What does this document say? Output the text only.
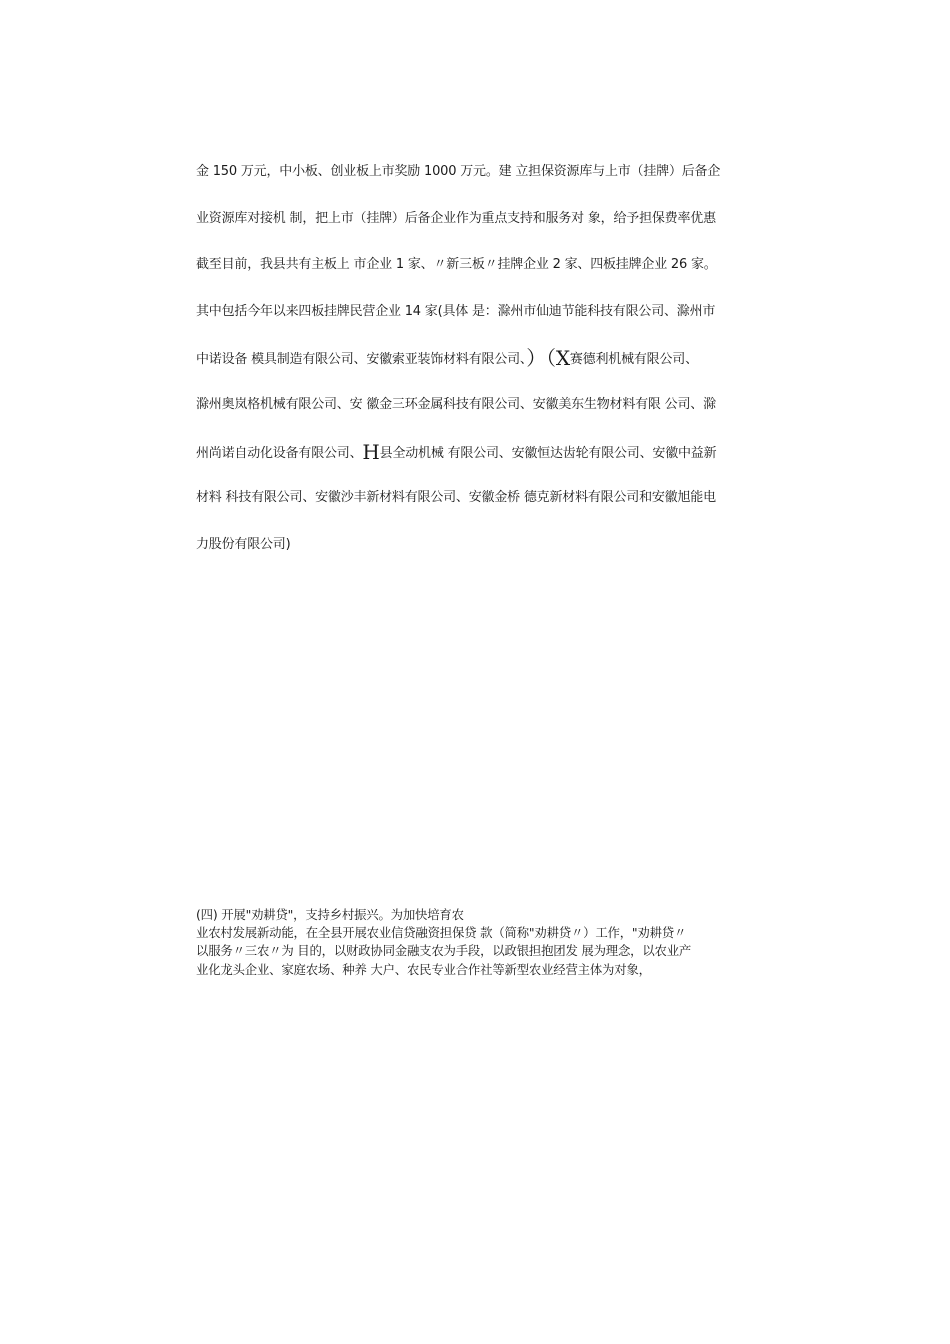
金 150 万元，中小板、创业板上市奖励 1000 万元。建 立担保资源库与上市（挂牌）后备企
业资源库对接机 制，把上市（挂牌）后备企业作为重点支持和服务对 象，给予担保费率优惠
截至目前，我县共有主板上 市企业 1 家、〃新三板〃挂牌企业 2 家、四板挂牌企业 26 家。
其中包括今年以来四板挂牌民营企业 14 家(具体 是：滁州市仙迪节能科技有限公司、滁州市
中诺设备 模具制造有限公司、安徽索亚装饰材料有限公司、）（X赛德利机械有限公司、
滁州奥岚格机械有限公司、安 徽金三环金属科技有限公司、安徽美东生物材料有限 公司、滁
州尚诺自动化设备有限公司、H县全动机械 有限公司、安徽恒达齿轮有限公司、安徽中益新
材料 科技有限公司、安徽沙丰新材料有限公司、安徽金桥 德克新材料有限公司和安徽旭能电
力股份有限公司)
(四) 开展"劝耕贷"，支持乡村振兴。为加快培育农
业农村发展新动能，在全县开展农业信贷融资担保贷 款（简称"劝耕贷〃）工作，"劝耕贷〃
以服务〃三农〃为 目的，以财政协同金融支农为手段，以政银担抱团发 展为理念，以农业产
业化龙头企业、家庭农场、种养 大户、农民专业合作社等新型农业经营主体为对象，
